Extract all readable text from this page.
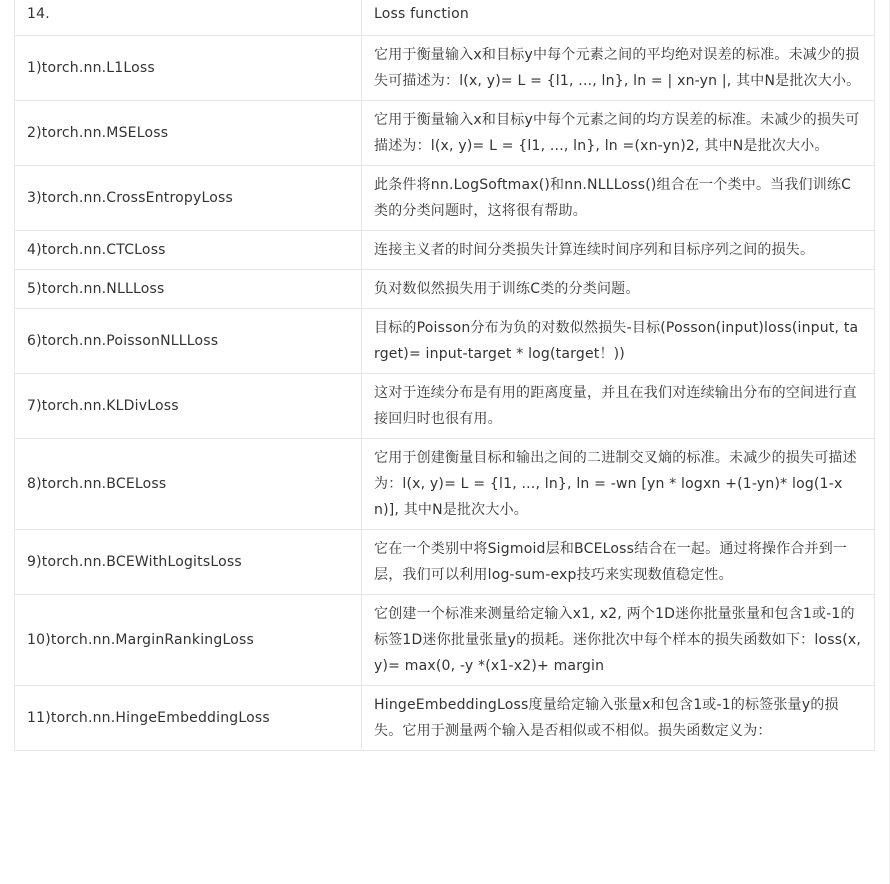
14.	Loss function
1)torch.nn.L1Loss	它用于衡量输入x和目标y中每个元素之间的平均绝对误差的标准。未减少的损失可描述为：l(x, y)= L = {l1, ..., ln}, ln = | xn-yn |, 其中N是批次大小。
2)torch.nn.MSELoss	它用于衡量输入x和目标y中每个元素之间的均方误差的标准。未减少的损失可描述为：l(x, y)= L = {l1, ..., ln}, ln =(xn-yn)2, 其中N是批次大小。
3)torch.nn.CrossEntropyLoss	此条件将nn.LogSoftmax()和nn.NLLLoss()组合在一个类中。当我们训练C类的分类问题时，这将很有帮助。
4)torch.nn.CTCLoss	连接主义者的时间分类损失计算连续时间序列和目标序列之间的损失。
5)torch.nn.NLLLoss	负对数似然损失用于训练C类的分类问题。
6)torch.nn.PoissonNLLLoss	目标的Poisson分布为负的对数似然损失-目标(Posson(input)loss(input, target)= input-target * log(target！))
7)torch.nn.KLDivLoss	这对于连续分布是有用的距离度量，并且在我们对连续输出分布的空间进行直接回归时也很有用。
8)torch.nn.BCELoss	它用于创建衡量目标和输出之间的二进制交叉熵的标准。未减少的损失可描述为：l(x, y)= L = {l1, ..., ln}, ln = -wn [yn * logxn +(1-yn)* log(1-xn)], 其中N是批次大小。
9)torch.nn.BCEWithLogitsLoss	它在一个类别中将Sigmoid层和BCELoss结合在一起。通过将操作合并到一层，我们可以利用log-sum-exp技巧来实现数值稳定性。
10)torch.nn.MarginRankingLoss	它创建一个标准来测量给定输入x1, x2, 两个1D迷你批量张量和包含1或-1的标签1D迷你批量张量y的损耗。迷你批次中每个样本的损失函数如下：loss(x, y)= max(0, -y *(x1-x2)+ margin
11)torch.nn.HingeEmbeddingLoss	HingeEmbeddingLoss度量给定输入张量x和包含1或-1的标签张量y的损失。它用于测量两个输入是否相似或不相似。损失函数定义为：
